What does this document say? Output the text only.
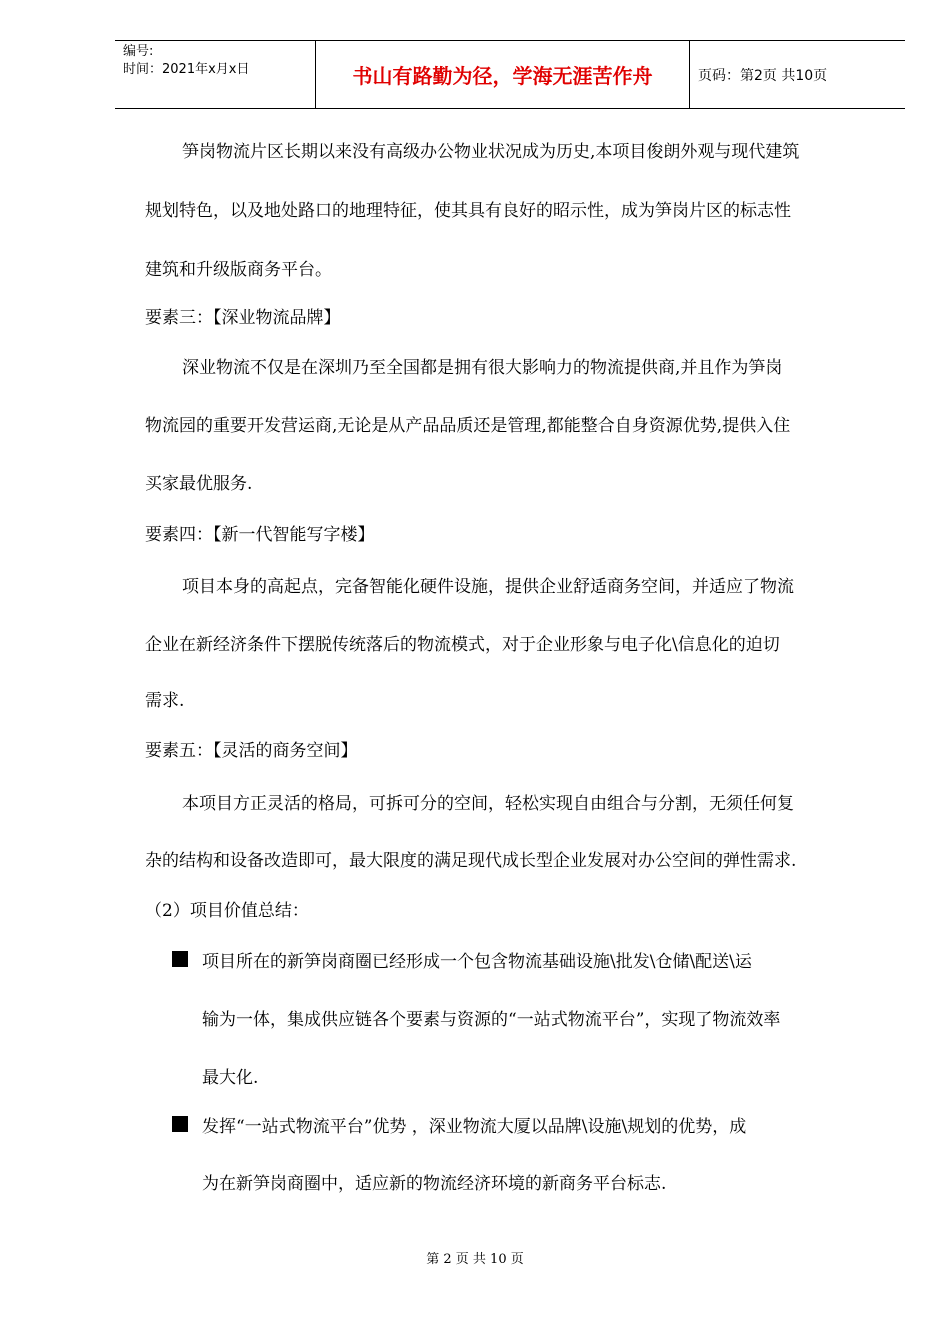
编号:
时间：2021年x月x日	书山有路勤为径，学海无涯苦作舟	页码：第2页 共10页
笋岗物流片区长期以来没有高级办公物业状况成为历史,本项目俊朗外观与现代建筑
规划特色，以及地处路口的地理特征，使其具有良好的昭示性，成为笋岗片区的标志性
建筑和升级版商务平台。
要素三：【深业物流品牌】
深业物流不仅是在深圳乃至全国都是拥有很大影响力的物流提供商,并且作为笋岗
物流园的重要开发营运商,无论是从产品品质还是管理,都能整合自身资源优势,提供入住
买家最优服务.
要素四：【新一代智能写字楼】
项目本身的高起点，完备智能化硬件设施，提供企业舒适商务空间，并适应了物流
企业在新经济条件下摆脱传统落后的物流模式，对于企业形象与电子化\信息化的迫切
需求.
要素五：【灵活的商务空间】
本项目方正灵活的格局，可拆可分的空间，轻松实现自由组合与分割，无须任何复
杂的结构和设备改造即可，最大限度的满足现代成长型企业发展对办公空间的弹性需求.
（2）项目价值总结：
项目所在的新笋岗商圈已经形成一个包含物流基础设施\批发\仓储\配送\运
输为一体，集成供应链各个要素与资源的“一站式物流平台”，实现了物流效率
最大化.
发挥“一站式物流平台”优势 ，深业物流大厦以品牌\设施\规划的优势，成
为在新笋岗商圈中，适应新的物流经济环境的新商务平台标志.
第 2 页 共 10 页
